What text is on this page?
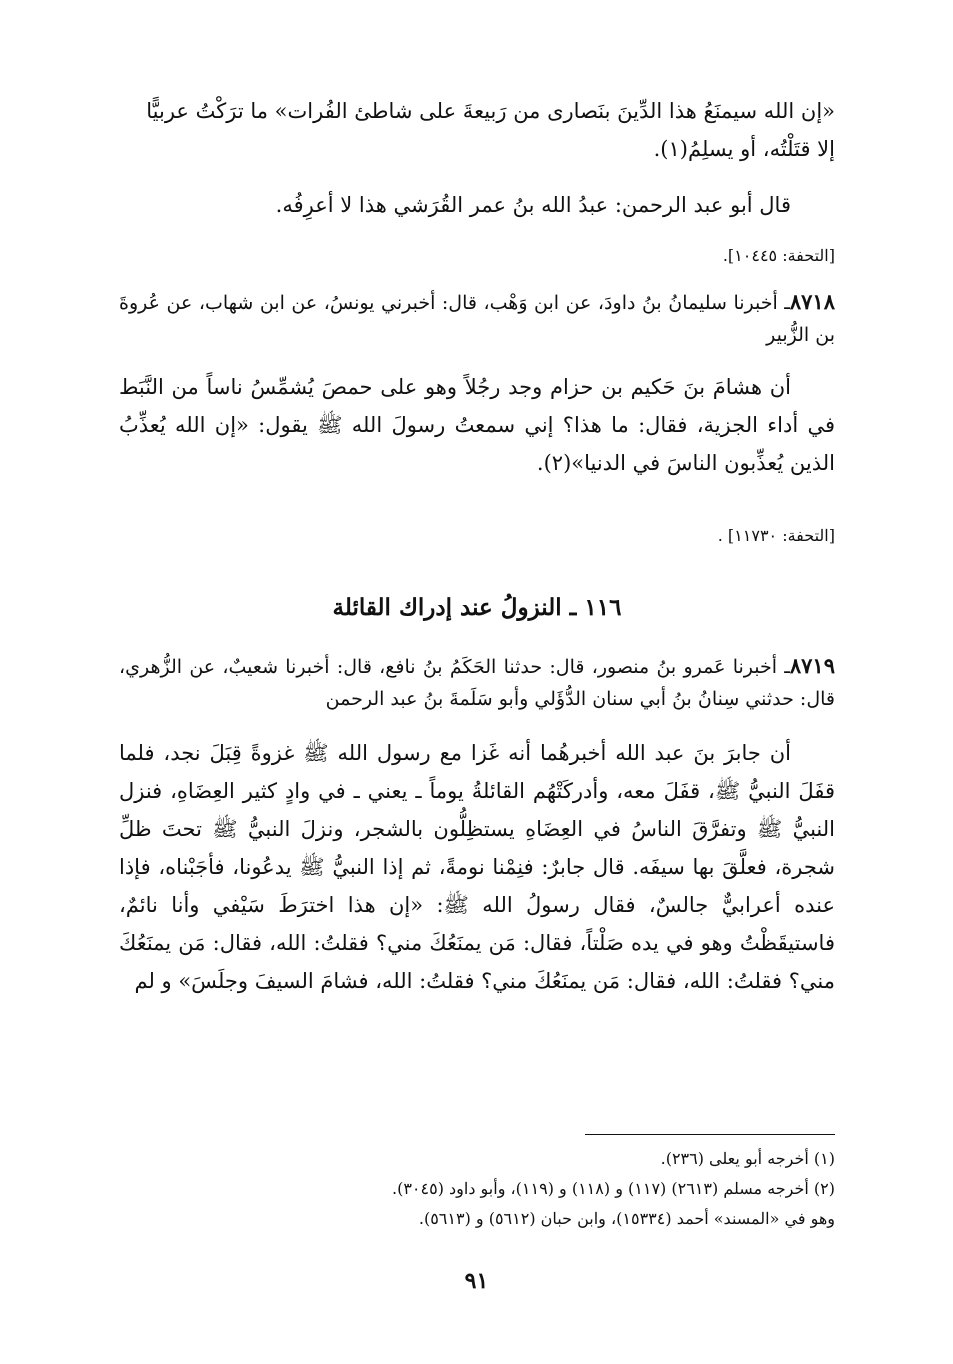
«إن الله سيمنَعُ هذا الدِّينَ بنَصارى من رَبيعةَ على شاطئ الفُرات» ما ترَكْتُ عربيًّا
إلا قتَلْتُه، أو يسلِمُ(١).
قال أبو عبد الرحمن: عبدُ الله بنُ عمر القُرَشي هذا لا أعرِفُه.
[التحفة: ١٠٤٤٥].
٨٧١٨ـ أخبرنا سليمانُ بنُ داودَ، عن ابن وَهْب، قال: أخبرني يونسُ، عن ابن شهاب، عن عُروةَ بن الزُّبير
أن هشامَ بنَ حَكيم بن حزام وجد رجُلاً وهو على حمصَ يُشمِّسُ ناساً من النَّبَط في أداء الجزية، فقال: ما هذا؟ إني سمعتُ رسولَ الله ﷺ يقول: «إن الله يُعذِّبُ الذين يُعذِّبون الناسَ في الدنيا»(٢).
[التحفة: ١١٧٣٠] .
١١٦ ـ النزولُ عند إدراك القائلة
٨٧١٩ـ أخبرنا عَمرو بنُ منصور، قال: حدثنا الحَكَمُ بنُ نافع، قال: أخبرنا شعيبٌ، عن الزُّهري، قال: حدثني سِنانُ بنُ أبي سنان الدُّؤَلي وأبو سَلَمةَ بنُ عبد الرحمن
أن جابرَ بنَ عبد الله أخبرهُما أنه غَزا مع رسول الله ﷺ غزوةً قِبَلَ نجد، فلما قفَلَ النبيُّ ﷺ، قفَلَ معه، وأدركَتْهُم القائلةُ يوماً ـ يعني ـ في وادٍ كثير العِضَاهِ، فنزل النبيُّ ﷺ وتفرَّقَ الناسُ في العِضَاهِ يستظِلُّون بالشجر، ونزلَ النبيُّ ﷺ تحتَ ظلِّ شجرة، فعلَّقَ بها سيفَه. قال جابرٌ: فنِمْنا نومةً، ثم إذا النبيُّ ﷺ يدعُونا، فأجَبْناه، فإذا عنده أعرابيٌّ جالسٌ، فقال رسولُ الله ﷺ: «إن هذا اخترَطَ سَيْفي وأنا نائمٌ، فاستيقَظْتُ وهو في يده صَلْتاً، فقال: مَن يمنَعُكَ مني؟ فقلتُ: الله، فقال: مَن يمنَعُكَ مني؟ فقلتُ: الله، فقال: مَن يمنَعُكَ مني؟ فقلتُ: الله، فشامَ السيفَ وجلَسَ» و لم
(١) أخرجه أبو يعلى (٢٣٦).
(٢) أخرجه مسلم (٢٦١٣) (١١٧) و (١١٨) و (١١٩)، وأبو داود (٣٠٤٥).
وهو في «المسند» أحمد (١٥٣٣٤)، وابن حبان (٥٦١٢) و (٥٦١٣).
٩١
